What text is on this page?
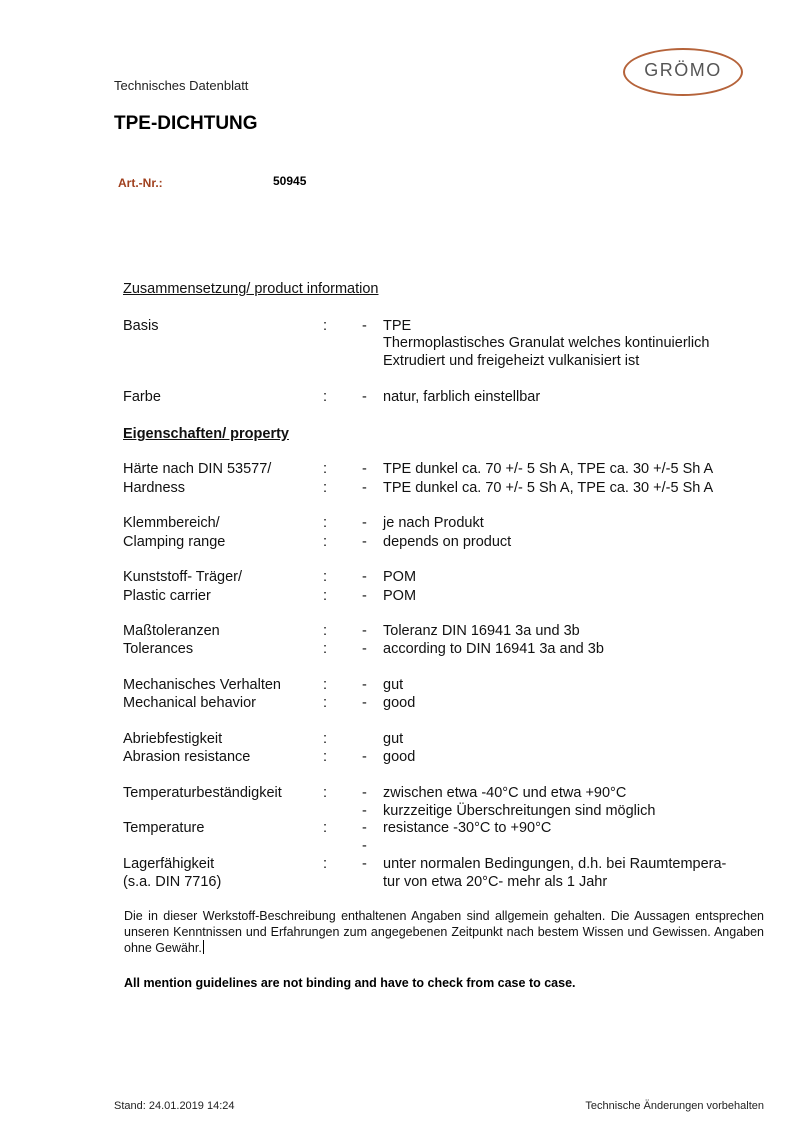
Technisches Datenblatt
GRÖMO
TPE-DICHTUNG
Art.-Nr.:	50945
Zusammensetzung/ product information
Eigenschaften/ property
Basis	: - TPE
Thermoplastisches Granulat welches kontinuierlich
Extrudiert und freigeheizt vulkanisiert ist
Farbe	: - natur, farblich einstellbar
Härte nach DIN 53577/	: - TPE dunkel ca. 70 +/- 5 Sh A, TPE ca. 30 +/-5 Sh A
Hardness	: - TPE dunkel ca. 70 +/- 5 Sh A, TPE ca. 30 +/-5 Sh A
Klemmbereich/	: - je nach Produkt
Clamping range	: - depends on product
Kunststoff- Träger/	: - POM
Plastic carrier	: - POM
Maßtoleranzen	: - Toleranz DIN 16941 3a und 3b
Tolerances	: - according to DIN 16941 3a and 3b
Mechanisches Verhalten	: - gut
Mechanical behavior	: - good
Abriebfestigkeit	:	gut
Abrasion resistance	: - good
Temperaturbeständigkeit	: - zwischen etwa -40°C und etwa +90°C
- kurzzeitige Überschreitungen sind möglich
Temperature	: - resistance -30°C to +90°C
-
Lagerfähigkeit	: - unter normalen Bedingungen, d.h. bei Raumtempera-
(s.a. DIN 7716)	tur von etwa 20°C- mehr als 1 Jahr
Die in dieser Werkstoff-Beschreibung enthaltenen Angaben sind allgemein gehalten. Die Aussagen entsprechen unseren Kenntnissen und Erfahrungen zum angegebenen Zeitpunkt nach bestem Wissen und Gewissen. Angaben ohne Gewähr.
All mention guidelines are not binding and have to check from case to case.
Stand: 24.01.2019 14:24	Technische Änderungen vorbehalten
